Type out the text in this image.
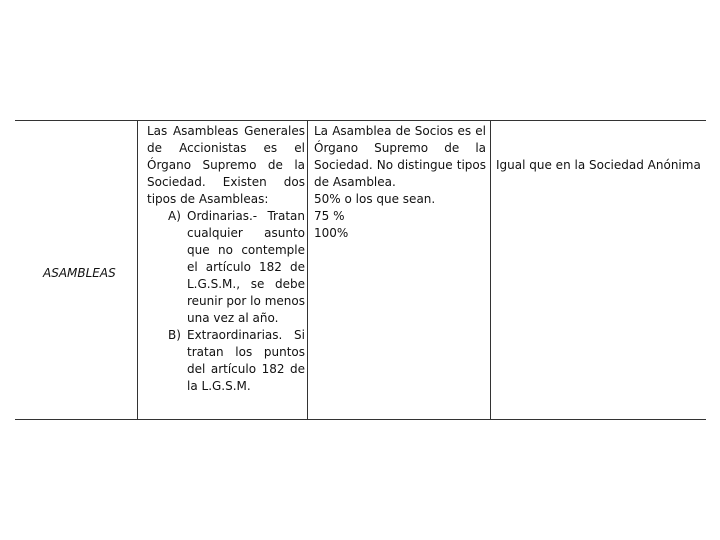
ASAMBLEAS
Las Asambleas Generales de Accionistas es el Órgano Supremo de la Sociedad. Existen dos tipos de Asambleas:
A) Ordinarias.- Tratan cualquier asunto que no contemple el artículo 182 de L.G.S.M., se debe reunir por lo menos una vez al año.
B) Extraordinarias. Si tratan los puntos del artículo 182 de la L.G.S.M.
La Asamblea de Socios es el Órgano Supremo de la Sociedad. No distingue tipos de Asamblea.
50% o los que sean.
75 %
100%
Igual que en la Sociedad Anónima
